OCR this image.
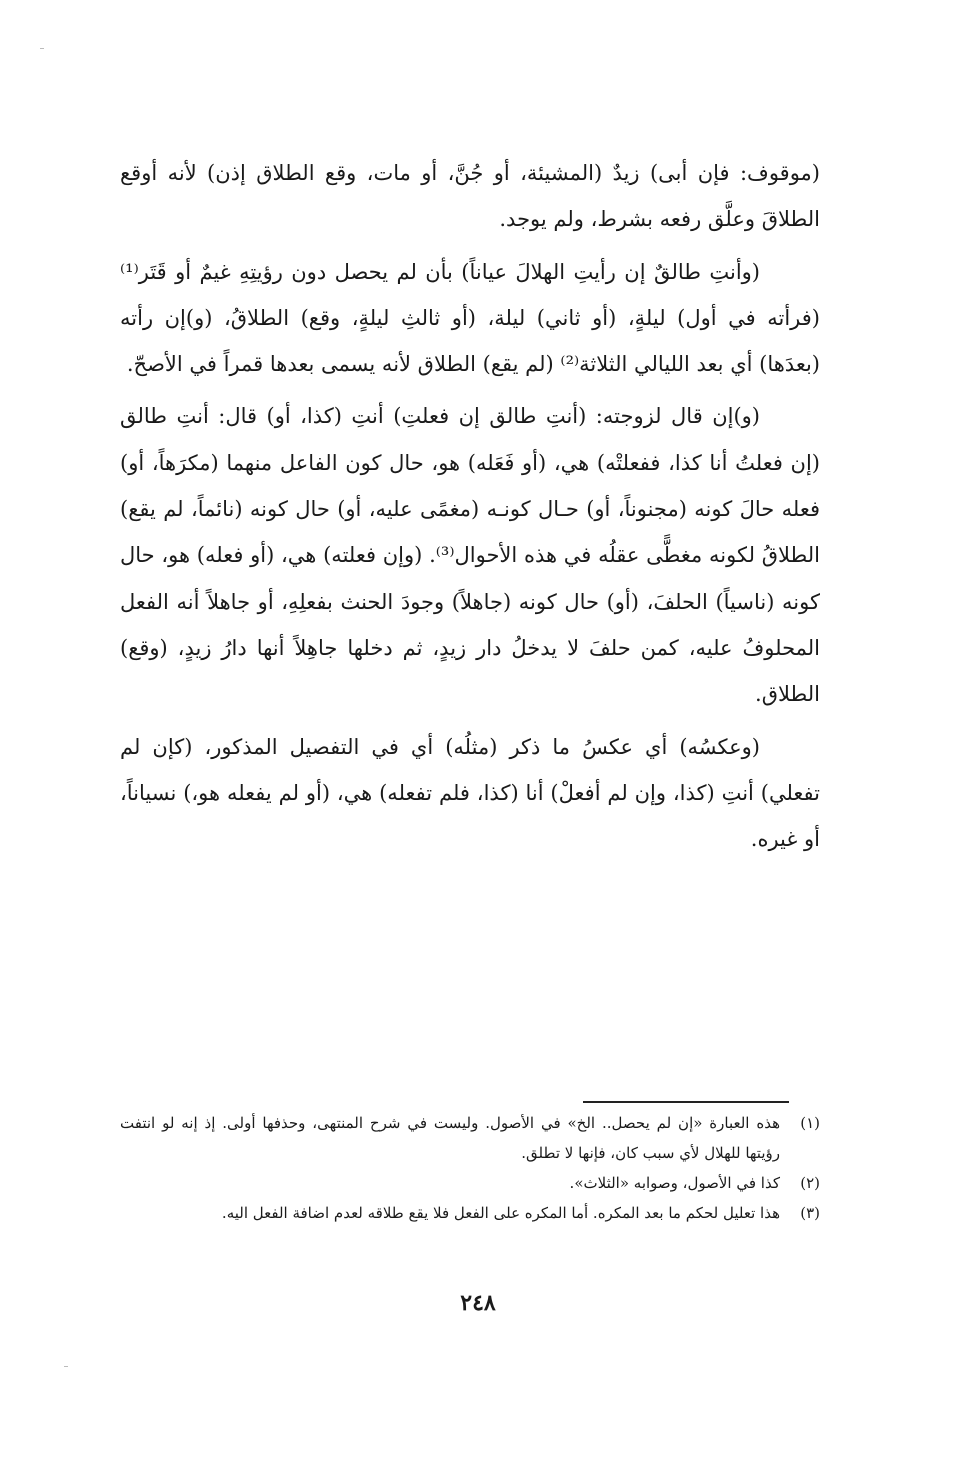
(موقوف: فإن أبى) زيدٌ (المشيئة، أو جُنَّ، أو مات، وقع الطلاق إذن) لأنه أوقع الطلاقَ وعلَّق رفعه بشرط، ولم يوجد.

(وأنتِ طالقٌ إن رأيتِ الهلالَ عياناً) بأن لم يحصل دون رؤيتِهِ غيمٌ أو قَتَر⁽¹⁾ (فرأته في أول) ليلةٍ، (أو ثاني) ليلة، (أو ثالثِ ليلةٍ، وقع) الطلاقُ، (و)إن رأته (بعدَها) أي بعد الليالي الثلاثة⁽²⁾ (لم يقع) الطلاق لأنه يسمى بعدها قمراً في الأصحّ.

(و)إن قال لزوجته: (أنتِ طالق إن فعلتِ) أنتِ (كذا، أو) قال: أنتِ طالق (إن فعلتُ أنا كذا، ففعلتْه) هي، (أو فَعَله) هو، حال كون الفاعل منهما (مكرَهاً، أو) فعله حالَ كونه (مجنوناً، أو) حـال كونـه (مغمًى عليه، أو) حال كونه (نائماً، لم يقع) الطلاقُ لكونه مغطًّى عقلُه في هذه الأحوال⁽³⁾. (وإن فعلته) هي، (أو فعله) هو، حال كونه (ناسياً) الحلفَ، (أو) حال كونه (جاهلاً) وجودَ الحنث بفعلِهِ، أو جاهلاً أنه الفعل المحلوفُ عليه، كمن حلفَ لا يدخلُ دار زيدٍ، ثم دخلها جاهِلاً أنها دارُ زيدٍ، (وقع) الطلاق.

(وعكسُه) أي عكسُ ما ذكر (مثلُه) أي في التفصيل المذكور، (كإن لم تفعلي) أنتِ (كذا، وإن لم أفعلْ) أنا (كذا، فلم تفعله) هي، (أو لم يفعله هو،) نسياناً، أو غيره.

(١)
هذه العبارة «إن لم يحصل.. الخ» في الأصول. وليست في شرح المنتهى، وحذفها أولى. إذ إنه لو انتفت رؤيتها للهلال لأي سبب كان، فإنها لا تطلق.
(٢)
كذا في الأصول، وصوابه «الثلاث».
(٣)
هذا تعليل لحكم ما بعد المكره. أما المكره على الفعل فلا يقع طلاقه لعدم اضافة الفعل اليه.
٢٤٨
